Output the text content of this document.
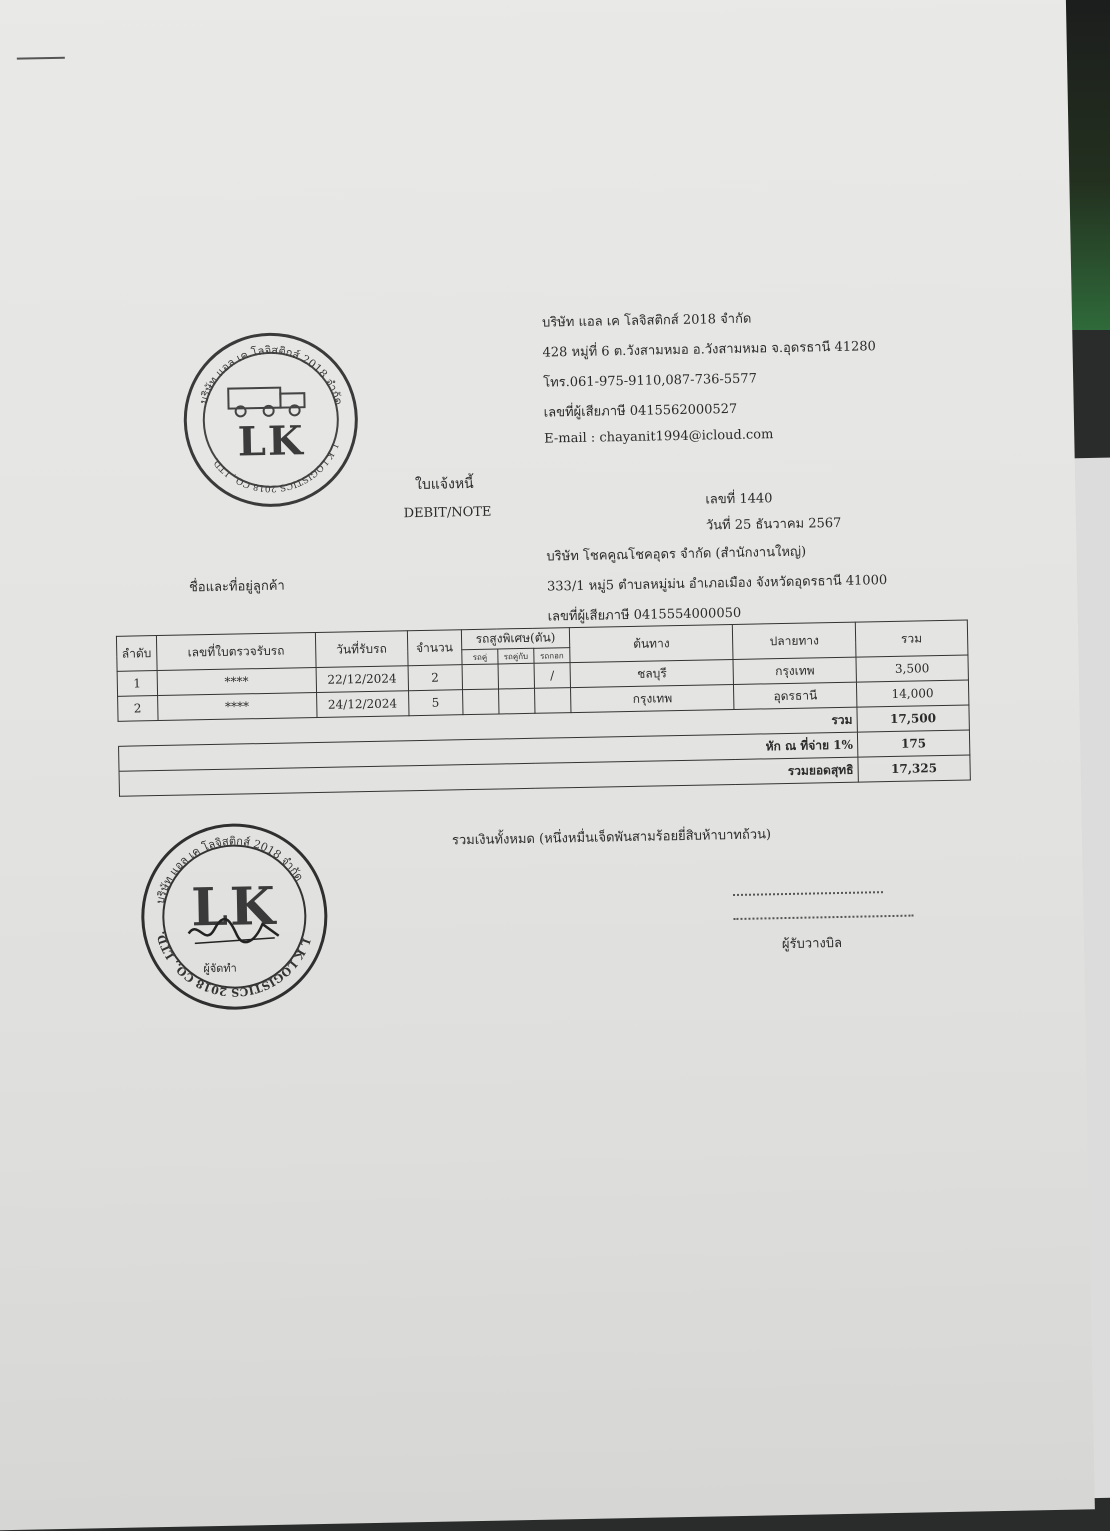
บริษัท แอล เค โลจิสติกส์ 2018 จำกัด
L K LOGISTICS 2018 CO., LTD. LK
บริษัท แอล เค โลจิสติกส์ 2018 จำกัด
428 หมู่ที่ 6 ต.วังสามหมอ อ.วังสามหมอ จ.อุดรธานี 41280
โทร.061-975-9110,087-736-5577
เลขที่ผู้เสียภาษี 0415562000527
E-mail : chayanit1994@icloud.com
ใบแจ้งหนี้
DEBIT/NOTE
เลขที่ 1440
วันที่ 25 ธันวาคม 2567
ชื่อและที่อยู่ลูกค้า
บริษัท โชคคูณโชคอุดร จำกัด (สำนักงานใหญ่)
333/1 หมู่5 ตำบลหมู่ม่น อำเภอเมือง จังหวัดอุดรธานี 41000
เลขที่ผู้เสียภาษี 0415554000050
ลำดับ	เลขที่ใบตรวจรับรถ	วันที่รับรถ	จำนวน	รถสูงพิเศษ(ตัน)			ต้นทาง	ปลายทาง	รวม
				รถคู่	รถคู่กับ	รถกอก			
1	****	22/12/2024	2			/	ชลบุรี	กรุงเทพ	3,500
2	****	24/12/2024	5				กรุงเทพ	อุดรธานี	14,000
รวม									17,500
หัก ณ ที่จ่าย 1%									175
รวมยอดสุทธิ									17,325
รวมเงินทั้งหมด (หนึ่งหมื่นเจ็ดพันสามร้อยยี่สิบห้าบาทถ้วน)
บริษัท แอล เค โลจิสติกส์ 2018 จำกัด
L K LOGISTICS 2018 CO., LTD. LK
ผู้จัดทำ
ผู้รับวางบิล
